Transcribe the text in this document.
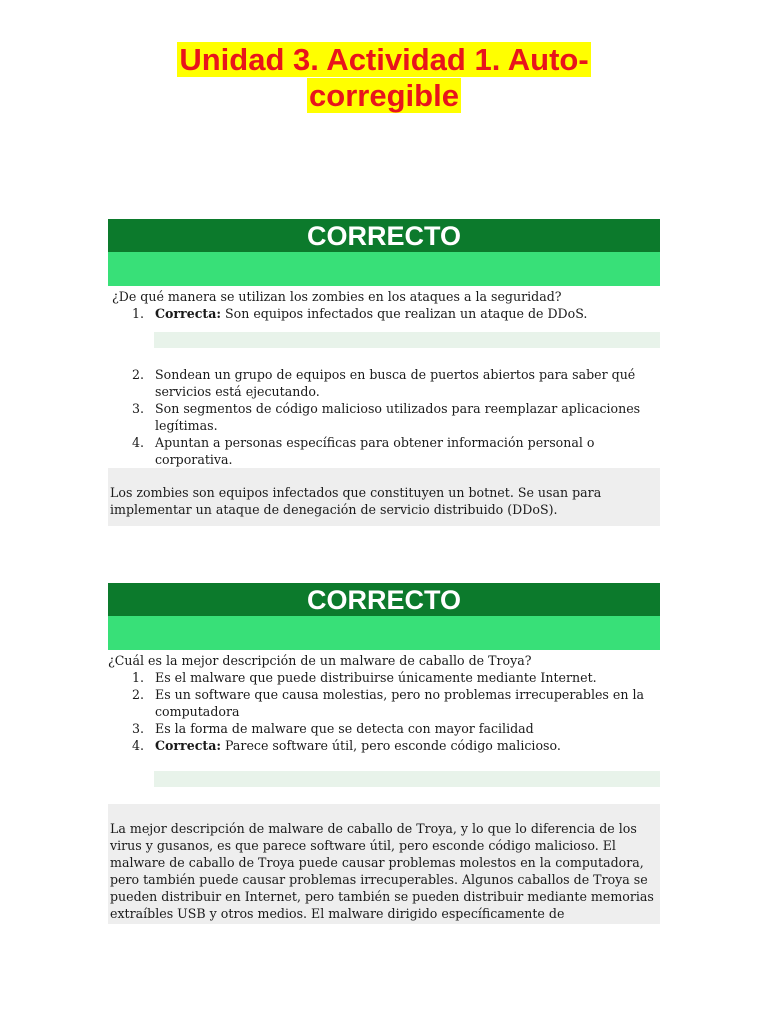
Unidad 3. Actividad 1. Auto-
corregible
CORRECTO
¿De qué manera se utilizan los zombies en los ataques a la seguridad?
1. Correcta: Son equipos infectados que realizan un ataque de DDoS.
2. Sondean un grupo de equipos en busca de puertos abiertos para saber qué servicios está ejecutando.
3. Son segmentos de código malicioso utilizados para reemplazar aplicaciones legítimas.
4. Apuntan a personas específicas para obtener información personal o corporativa.
Los zombies son equipos infectados que constituyen un botnet. Se usan para implementar un ataque de denegación de servicio distribuido (DDoS).
CORRECTO
¿Cuál es la mejor descripción de un malware de caballo de Troya?
1. Es el malware que puede distribuirse únicamente mediante Internet.
2. Es un software que causa molestias, pero no problemas irrecuperables en la computadora
3. Es la forma de malware que se detecta con mayor facilidad
4. Correcta: Parece software útil, pero esconde código malicioso.
La mejor descripción de malware de caballo de Troya, y lo que lo diferencia de los virus y gusanos, es que parece software útil, pero esconde código malicioso. El malware de caballo de Troya puede causar problemas molestos en la computadora, pero también puede causar problemas irrecuperables. Algunos caballos de Troya se pueden distribuir en Internet, pero también se pueden distribuir mediante memorias extraíbles USB y otros medios. El malware dirigido específicamente de
